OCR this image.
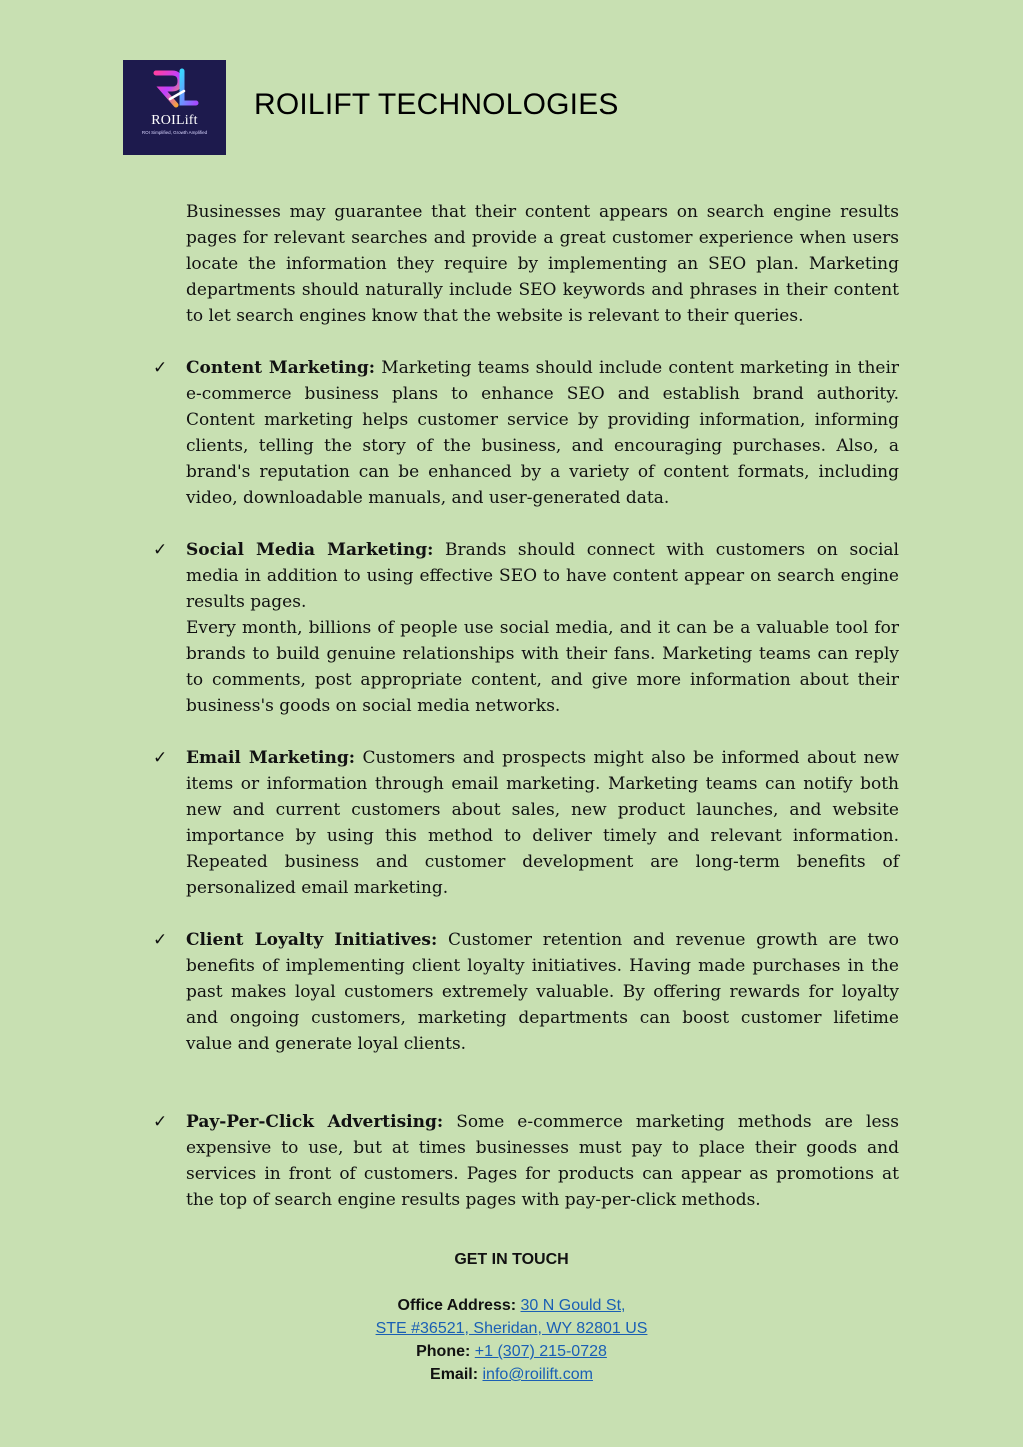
ROILift
ROI Simplified, Growth Amplified
ROILIFT TECHNOLOGIES

Businesses may guarantee that their content appears on search engine results pages for relevant searches and provide a great customer experience when users locate the information they require by implementing an SEO plan. Marketing departments should naturally include SEO keywords and phrases in their content to let search engines know that the website is relevant to their queries.

✓ Content Marketing: Marketing teams should include content marketing in their e-commerce business plans to enhance SEO and establish brand authority. Content marketing helps customer service by providing information, informing clients, telling the story of the business, and encouraging purchases. Also, a brand's reputation can be enhanced by a variety of content formats, including video, downloadable manuals, and user-generated data.

✓ Social Media Marketing: Brands should connect with customers on social media in addition to using effective SEO to have content appear on search engine results pages.

Every month, billions of people use social media, and it can be a valuable tool for brands to build genuine relationships with their fans. Marketing teams can reply to comments, post appropriate content, and give more information about their business's goods on social media networks.

✓ Email Marketing: Customers and prospects might also be informed about new items or information through email marketing. Marketing teams can notify both new and current customers about sales, new product launches, and website importance by using this method to deliver timely and relevant information. Repeated business and customer development are long-term benefits of personalized email marketing.

✓ Client Loyalty Initiatives: Customer retention and revenue growth are two benefits of implementing client loyalty initiatives. Having made purchases in the past makes loyal customers extremely valuable. By offering rewards for loyalty and ongoing customers, marketing departments can boost customer lifetime value and generate loyal clients.

✓ Pay-Per-Click Advertising: Some e-commerce marketing methods are less expensive to use, but at times businesses must pay to place their goods and services in front of customers. Pages for products can appear as promotions at the top of search engine results pages with pay-per-click methods.

GET IN TOUCH
Office Address: 30 N Gould St,
STE #36521, Sheridan, WY 82801 US
Phone: +1 (307) 215-0728
Email: info@roilift.com
